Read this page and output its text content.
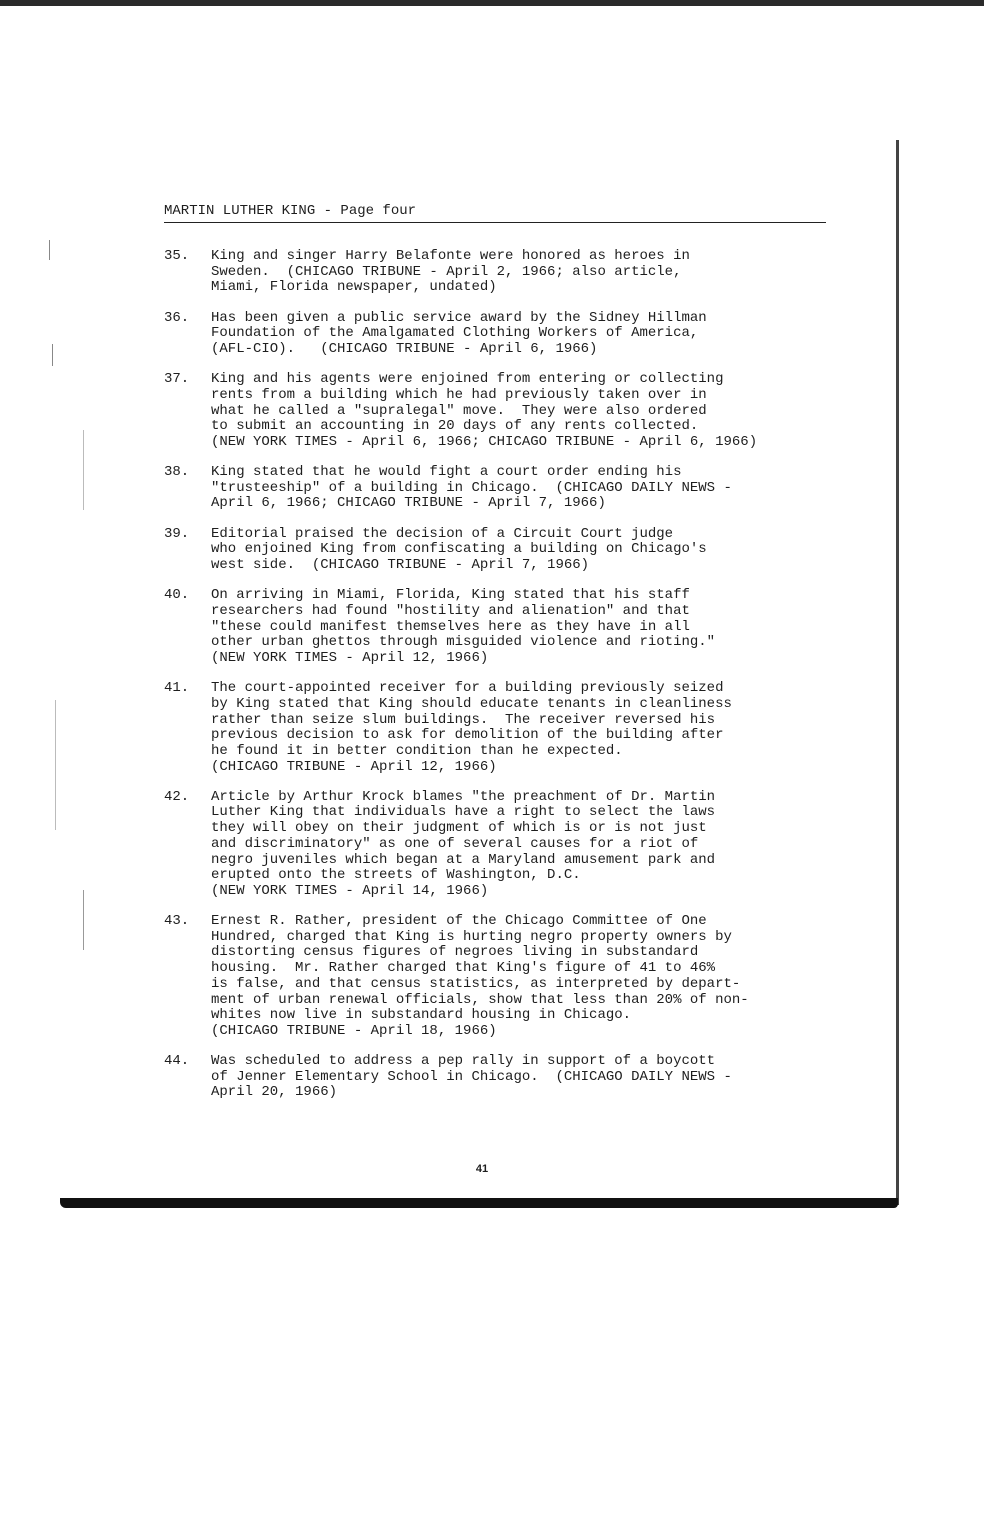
MARTIN LUTHER KING - Page four
35.	King and singer Harry Belafonte were honored as heroes in
Sweden.  (CHICAGO TRIBUNE - April 2, 1966; also article,
Miami, Florida newspaper, undated)
36.	Has been given a public service award by the Sidney Hillman
Foundation of the Amalgamated Clothing Workers of America,
(AFL-CIO).   (CHICAGO TRIBUNE - April 6, 1966)
37.	King and his agents were enjoined from entering or collecting
rents from a building which he had previously taken over in
what he called a "supralegal" move.  They were also ordered
to submit an accounting in 20 days of any rents collected.
(NEW YORK TIMES - April 6, 1966; CHICAGO TRIBUNE - April 6, 1966)
38.	King stated that he would fight a court order ending his
"trusteeship" of a building in Chicago.  (CHICAGO DAILY NEWS -
April 6, 1966; CHICAGO TRIBUNE - April 7, 1966)
39.	Editorial praised the decision of a Circuit Court judge
who enjoined King from confiscating a building on Chicago's
west side.  (CHICAGO TRIBUNE - April 7, 1966)
40.	On arriving in Miami, Florida, King stated that his staff
researchers had found "hostility and alienation" and that
"these could manifest themselves here as they have in all
other urban ghettos through misguided violence and rioting."
(NEW YORK TIMES - April 12, 1966)
41.	The court-appointed receiver for a building previously seized
by King stated that King should educate tenants in cleanliness
rather than seize slum buildings.  The receiver reversed his
previous decision to ask for demolition of the building after
he found it in better condition than he expected.
(CHICAGO TRIBUNE - April 12, 1966)
42.	Article by Arthur Krock blames "the preachment of Dr. Martin
Luther King that individuals have a right to select the laws
they will obey on their judgment of which is or is not just
and discriminatory" as one of several causes for a riot of
negro juveniles which began at a Maryland amusement park and
erupted onto the streets of Washington, D.C.
(NEW YORK TIMES - April 14, 1966)
43.	Ernest R. Rather, president of the Chicago Committee of One
Hundred, charged that King is hurting negro property owners by
distorting census figures of negroes living in substandard
housing.  Mr. Rather charged that King's figure of 41 to 46%
is false, and that census statistics, as interpreted by depart-
ment of urban renewal officials, show that less than 20% of non-
whites now live in substandard housing in Chicago.
(CHICAGO TRIBUNE - April 18, 1966)
44.	Was scheduled to address a pep rally in support of a boycott
of Jenner Elementary School in Chicago.  (CHICAGO DAILY NEWS -
April 20, 1966)
41
